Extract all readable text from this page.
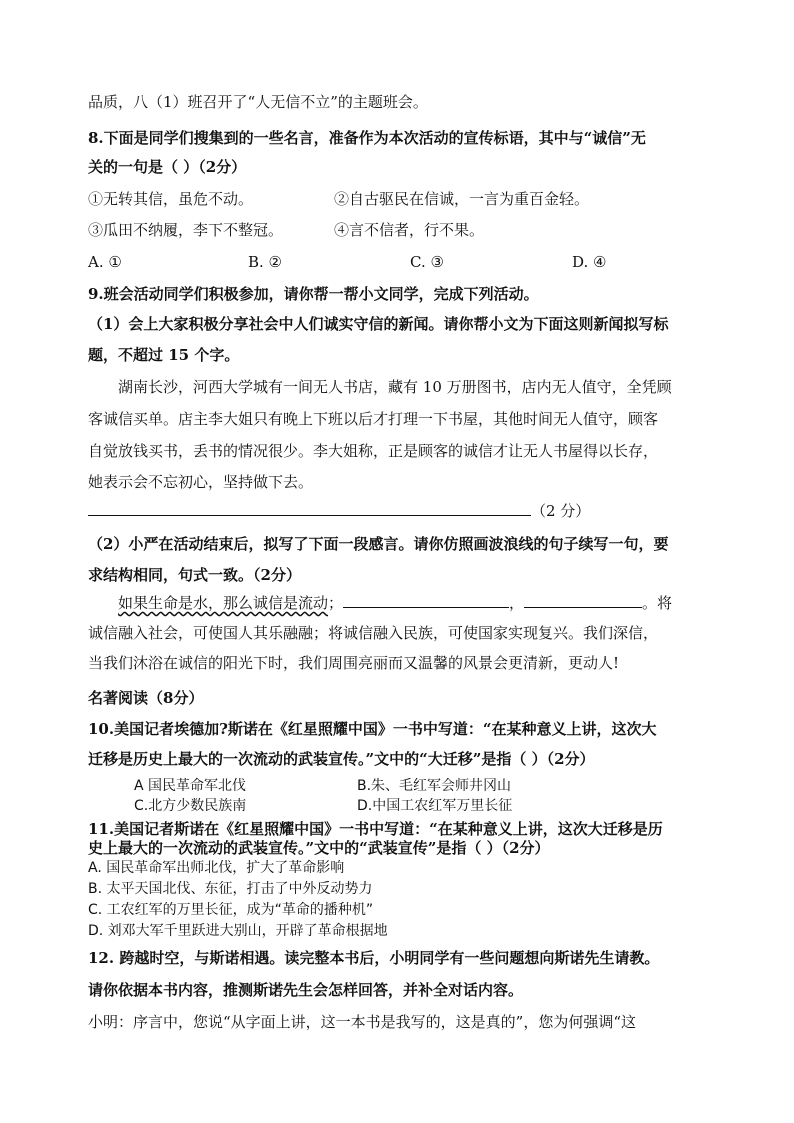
品质，八（1）班召开了“人无信不立”的主题班会。
8.下面是同学们搜集到的一些名言，准备作为本次活动的宣传标语，其中与“诚信”无
关的一句是（ ）（2分）
①无转其信，虽危不动。	②自古驱民在信诚，一言为重百金轻。
③瓜田不纳履，李下不整冠。	④言不信者，行不果。
A. ①	B. ②	C. ③	D. ④
9.班会活动同学们积极参加，请你帮一帮小文同学，完成下列活动。
（1）会上大家积极分享社会中人们诚实守信的新闻。请你帮小文为下面这则新闻拟写标
题，不超过 15 个字。
湖南长沙，河西大学城有一间无人书店，藏有 10 万册图书，店内无人值守，全凭顾
客诚信买单。店主李大姐只有晚上下班以后才打理一下书屋，其他时间无人值守，顾客
自觉放钱买书，丢书的情况很少。李大姐称，正是顾客的诚信才让无人书屋得以长存，
她表示会不忘初心，坚持做下去。
（2 分）
（2）小严在活动结束后，拟写了下面一段感言。请你仿照画波浪线的句子续写一句，要
求结构相同，句式一致。（2分）
如果生命是水，那么诚信是流动；	，	。将
诚信融入社会，可使国人其乐融融；将诚信融入民族，可使国家实现复兴。我们深信，
当我们沐浴在诚信的阳光下时，我们周围亮丽而又温馨的风景会更清新，更动人!
名著阅读（8分）
10.美国记者埃德加?斯诺在《红星照耀中国》一书中写道：“在某种意义上讲，这次大
迁移是历史上最大的一次流动的武装宣传。”文中的“大迁移”是指（ ）（2分）
A 国民革命军北伐	B.朱、毛红军会师井冈山
C.北方少数民族南	D.中国工农红军万里长征
11.美国记者斯诺在《红星照耀中国》一书中写道：“在某种意义上讲，这次大迁移是历
史上最大的一次流动的武装宣传。”文中的“武装宣传”是指（ ）（2分）
A. 国民革命军出师北伐，扩大了革命影响
B. 太平天国北伐、东征，打击了中外反动势力
C. 工农红军的万里长征，成为“革命的播种机”
D. 刘邓大军千里跃进大别山，开辟了革命根据地
12. 跨越时空，与斯诺相遇。读完整本书后，小明同学有一些问题想向斯诺先生请教。
请你依据本书内容，推测斯诺先生会怎样回答，并补全对话内容。
小明：序言中，您说“从字面上讲，这一本书是我写的，这是真的”，您为何强调“这
